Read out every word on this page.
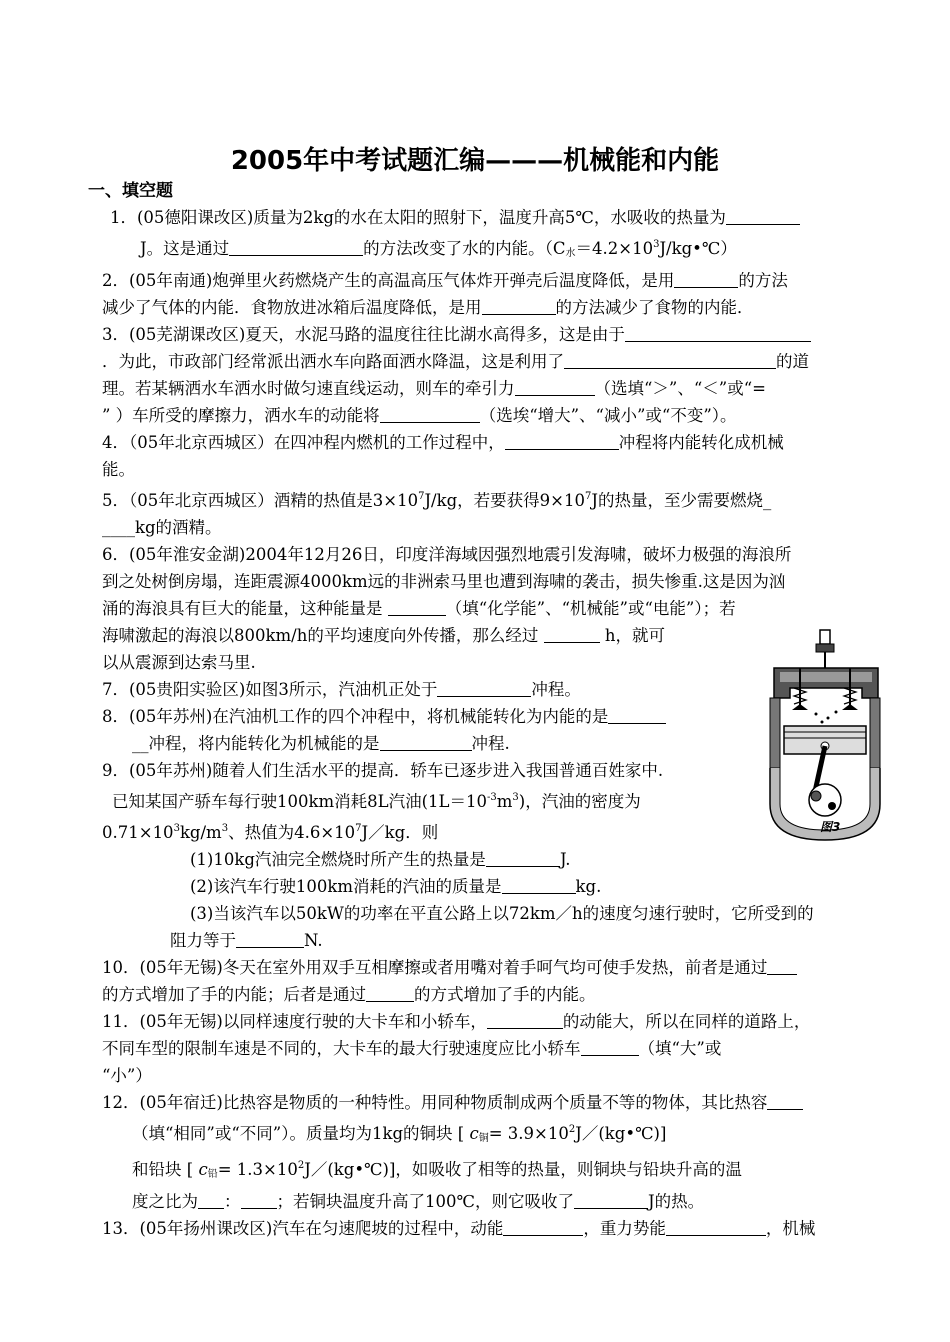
2005年中考试题汇编———机械能和内能
一、填空题

1．(05德阳课改区)质量为2kg的水在太阳的照射下，温度升高5℃，水吸收的热量为

J。这是通过	的方法改变了水的内能。（C水$=4.2\times 10^3J/kg•℃$）

2．(05年南通)炮弹里火药燃烧产生的高温高压气体炸开弹壳后温度降低，是用	的方法

减少了气体的内能．食物放进冰箱后温度降低，是用	的方法减少了食物的内能．

3．(05芜湖课改区)夏天，水泥马路的温度往往比湖水高得多，这是由于

．为此，市政部门经常派出洒水车向路面洒水降温，这是利用了	的道

理。若某辆洒水车洒水时做匀速直线运动，则车的牵引力	（选填“＞”、“＜”或“=

” ）车所受的摩擦力，洒水车的动能将	（选埃“增大”、“减小”或“不变”）。

4．（05年北京西城区）在四冲程内燃机的工作过程中，	冲程将内能转化成机械

能。

5．（05年北京西城区）酒精的热值是$3\times 10^7J/kg$，若要获得$9\times 10^7J$的热量，至少需要燃烧_

____kg的酒精。

6．(05年淮安金湖)2004年12月26日，印度洋海域因强烈地震引发海啸，破坏力极强的海浪所

到之处树倒房塌，连距震源4000km远的非洲索马里也遭到海啸的袭击，损失惨重.这是因为汹

涌的海浪具有巨大的能量，这种能量是	（填“化学能”、“机械能”或“电能”）；若

海啸激起的海浪以800km/h的平均速度向外传播，那么经过	h，就可

以从震源到达索马里.

7．(05贵阳实验区)如图3所示，汽油机正处于	冲程。

8．(05年苏州)在汽油机工作的四个冲程中，将机械能转化为内能的是

__冲程，将内能转化为机械能的是	冲程.

9．(05年苏州)随着人们生活水平的提高．轿车已逐步进入我国普通百姓家中.

已知某国产骄车每行驶100km消耗8L汽油$(1L=10^{-3}m^3)$，汽油的密度为

$0.71\times 10^3kg/m^3$、热值为$4.6\times 10^7J/kg$．则

(1)10kg汽油完全燃烧时所产生的热量是	J.

(2)该汽车行驶100km消耗的汽油的质量是	kg.

(3)当该汽车以50kW的功率在平直公路上以72km／h的速度匀速行驶时，它所受到的

阻力等于	N.

10．(05年无锡)冬天在室外用双手互相摩擦或者用嘴对着手呵气均可使手发热，前者是通过

的方式增加了手的内能；后者是通过	的方式增加了手的内能。

11．(05年无锡)以同样速度行驶的大卡车和小轿车，	的动能大，所以在同样的道路上，

不同车型的限制车速是不同的，大卡车的最大行驶速度应比小轿车	（填“大”或

“小”）

12．(05年宿迁)比热容是物质的一种特性。用同种物质制成两个质量不等的物体，其比热容

（填“相同”或“不同”）。质量均为1kg的铜块 [ c铜= $3.9\times 10^2J/(kg•℃)$]

和铅块 [ c铅= $1.3\times 10^2J/(kg•℃)$]，如吸收了相等的热量，则铜块与铅块升高的温

度之比为 ： ；若铜块温度升高了100℃，则它吸收了	J的热。

13．(05年扬州课改区)汽车在匀速爬坡的过程中，动能	，重力势能	，机械

图3
